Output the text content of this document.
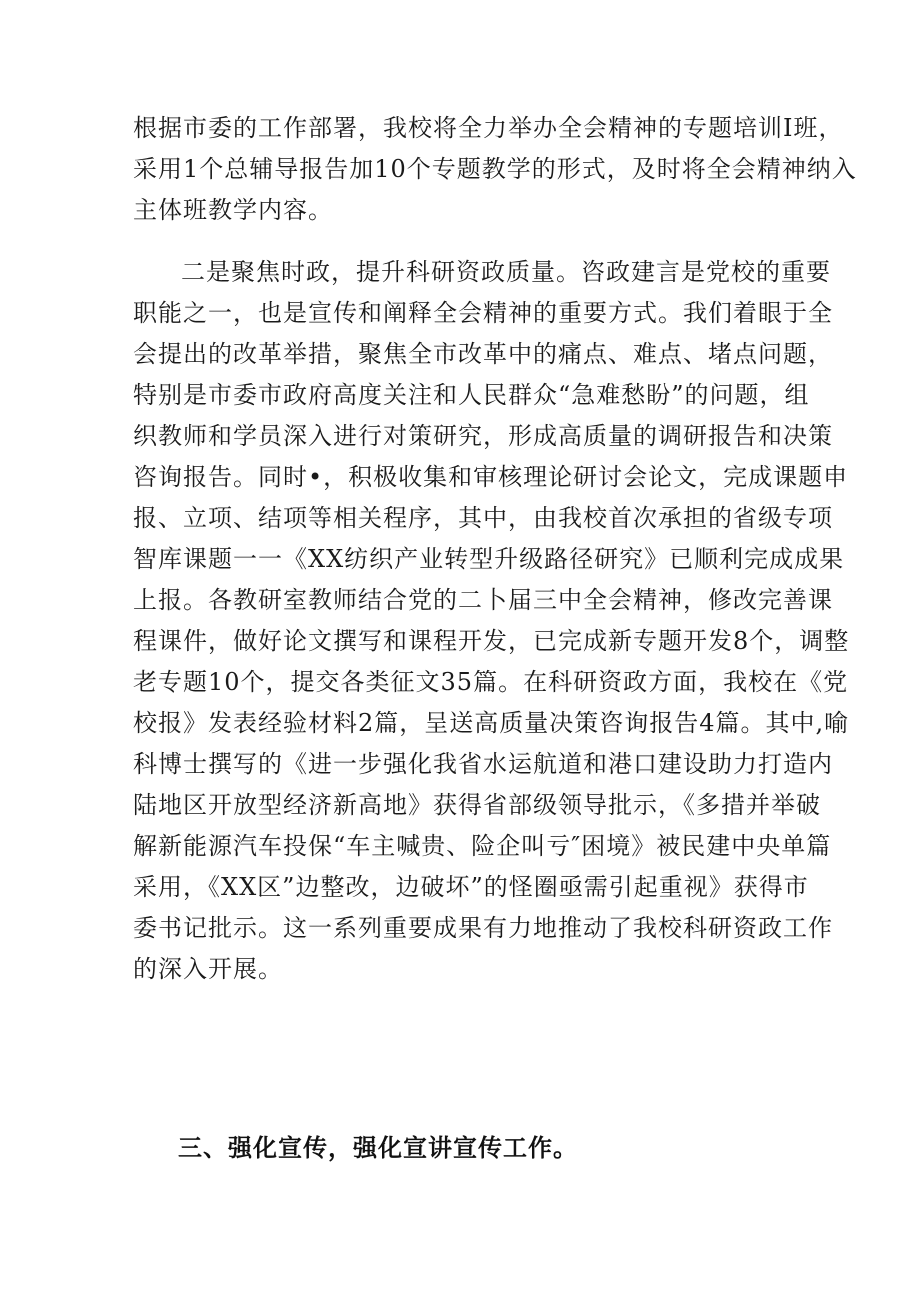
根据市委的工作部署，我校将全力举办全会精神的专题培训I班，
采用1个总辅导报告加10个专题教学的形式，及时将全会精神纳入
主体班教学内容。
二是聚焦时政，提升科研资政质量。咨政建言是党校的重要
职能之一，也是宣传和阐释全会精神的重要方式。我们着眼于全
会提出的改革举措，聚焦全市改革中的痛点、难点、堵点问题，
特别是市委市政府高度关注和人民群众“急难愁盼”的问题，组
织教师和学员深入进行对策研究，形成高质量的调研报告和决策
咨询报告。同时•，积极收集和审核理论研讨会论文，完成课题申
报、立项、结项等相关程序，其中，由我校首次承担的省级专项
智库课题一一《XX纺织产业转型升级路径研究》已顺利完成成果
上报。各教研室教师结合党的二卜届三中全会精神，修改完善课
程课件，做好论文撰写和课程开发，已完成新专题开发8个，调整
老专题10个，提交各类征文35篇。在科研资政方面，我校在《党
校报》发表经验材料2篇，呈送高质量决策咨询报告4篇。其中,喻
科博士撰写的《进一步强化我省水运航道和港口建设助力打造内
陆地区开放型经济新高地》获得省部级领导批示，《多措并举破
解新能源汽车投保“车主喊贵、险企叫亏″困境》被民建中央单篇
采用，《XX区”边整改，边破坏”的怪圈亟需引起重视》获得市
委书记批示。这一系列重要成果有力地推动了我校科研资政工作
的深入开展。
三、强化宣传，强化宣讲宣传工作。
